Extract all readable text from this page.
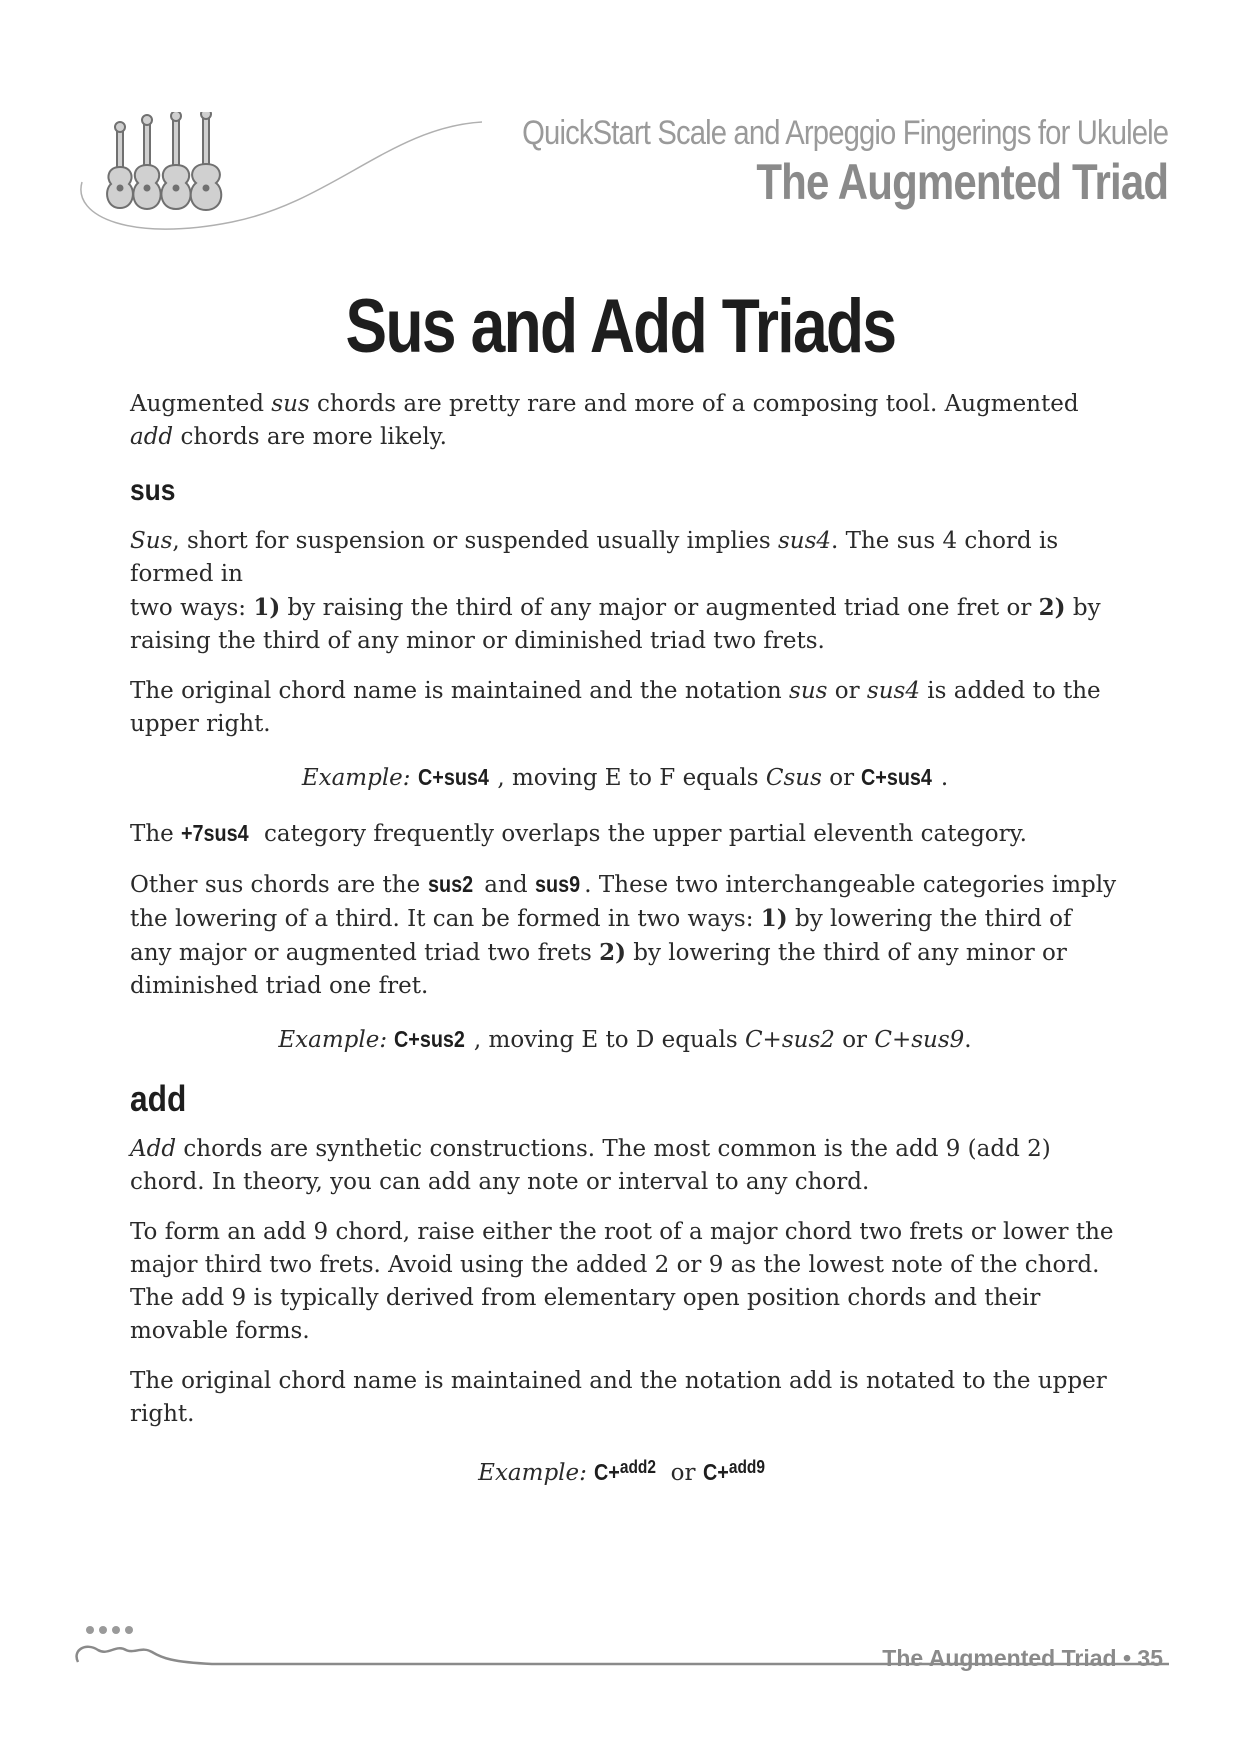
QuickStart Scale and Arpeggio Fingerings for Ukulele
The Augmented Triad
Sus and Add Triads

Augmented sus chords are pretty rare and more of a composing tool. Augmented add chords are more likely.

sus

Sus, short for suspension or suspended usually implies sus4. The sus 4 chord is formed in
two ways: 1) by raising the third of any major or augmented triad one fret or 2) by raising the third of any minor or diminished triad two frets.

The original chord name is maintained and the notation sus or sus4 is added to the upper right.

Example: C+sus4 , moving E to F equals Csus or C+sus4 .

The +7sus4 category frequently overlaps the upper partial eleventh category.

Other sus chords are the sus2 and sus9 . These two interchangeable categories imply the lowering of a third. It can be formed in two ways: 1) by lowering the third of any major or augmented triad two frets 2) by lowering the third of any minor or diminished triad one fret.

Example: C+sus2 , moving E to D equals C+sus2 or C+sus9.

add

Add chords are synthetic constructions. The most common is the add 9 (add 2) chord. In theory, you can add any note or interval to any chord.

To form an add 9 chord, raise either the root of a major chord two frets or lower the major third two frets. Avoid using the added 2 or 9 as the lowest note of the chord. The add 9 is typically derived from elementary open position chords and their movable forms.

The original chord name is maintained and the notation add is notated to the upper right.

Example: C+$^{add2}$ or C+$^{add9}$

The Augmented Triad • 35
